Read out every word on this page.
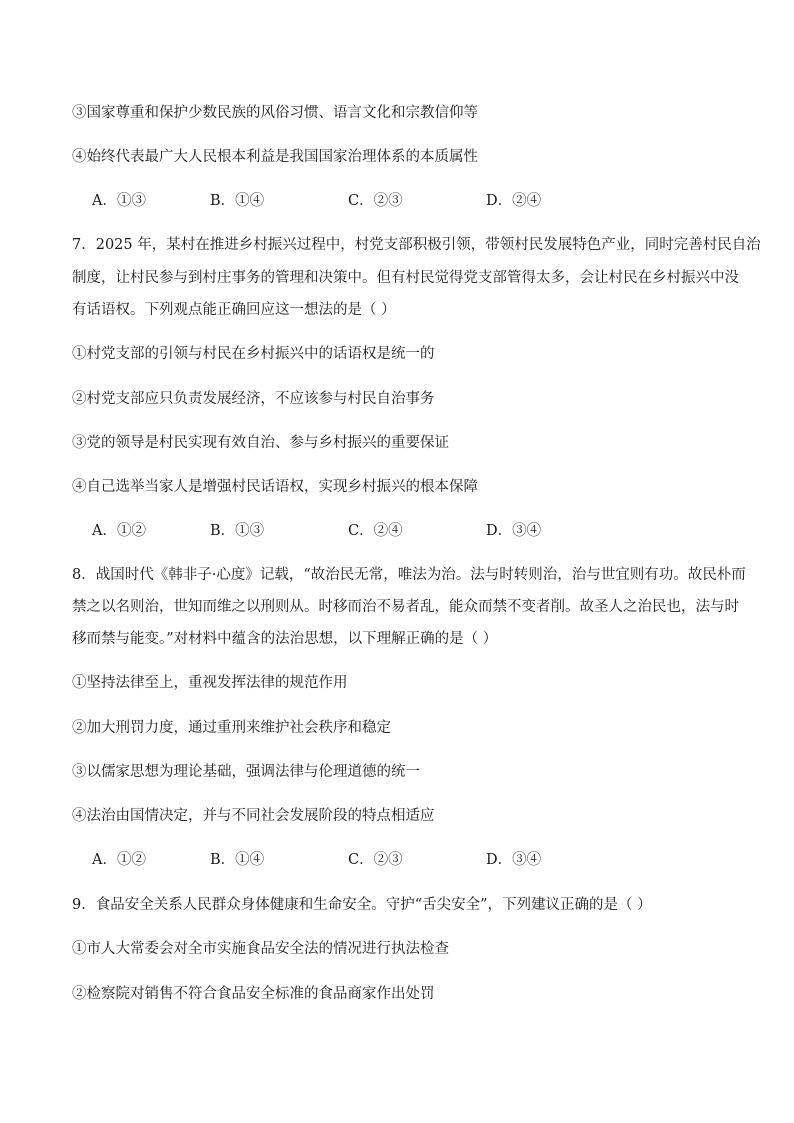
③国家尊重和保护少数民族的风俗习惯、语言文化和宗教信仰等
④始终代表最广大人民根本利益是我国国家治理体系的本质属性
A．①③	B．①④	C．②③	D．②④
7．2025 年，某村在推进乡村振兴过程中，村党支部积极引领，带领村民发展特色产业，同时完善村民自治
制度，让村民参与到村庄事务的管理和决策中。但有村民觉得党支部管得太多，会让村民在乡村振兴中没
有话语权。下列观点能正确回应这一想法的是（ ）
①村党支部的引领与村民在乡村振兴中的话语权是统一的
②村党支部应只负责发展经济，不应该参与村民自治事务
③党的领导是村民实现有效自治、参与乡村振兴的重要保证
④自己选举当家人是增强村民话语权，实现乡村振兴的根本保障
A．①②	B．①③	C．②④	D．③④
8．战国时代《韩非子·心度》记载，“故治民无常，唯法为治。法与时转则治，治与世宜则有功。故民朴而
禁之以名则治，世知而维之以刑则从。时移而治不易者乱，能众而禁不变者削。故圣人之治民也，法与时
移而禁与能变。”对材料中蕴含的法治思想，以下理解正确的是（ ）
①坚持法律至上，重视发挥法律的规范作用
②加大刑罚力度，通过重刑来维护社会秩序和稳定
③以儒家思想为理论基础，强调法律与伦理道德的统一
④法治由国情决定，并与不同社会发展阶段的特点相适应
A．①②	B．①④	C．②③	D．③④
9．食品安全关系人民群众身体健康和生命安全。守护“舌尖安全”，下列建议正确的是（ ）
①市人大常委会对全市实施食品安全法的情况进行执法检查
②检察院对销售不符合食品安全标准的食品商家作出处罚
